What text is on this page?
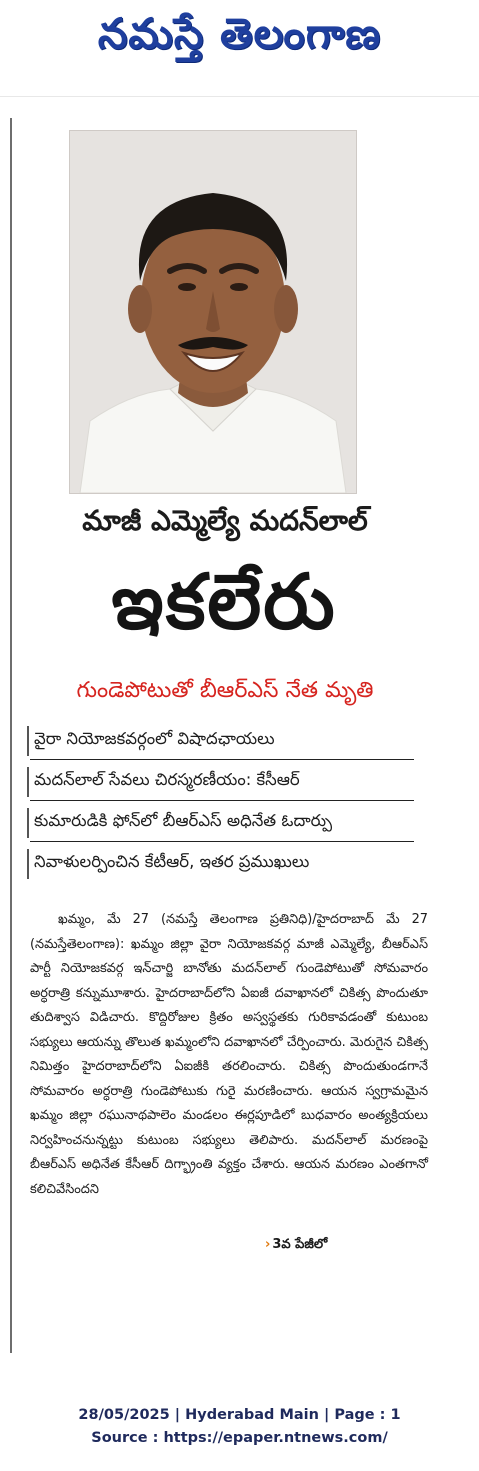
నమస్తే తెలంగాణ
మాజీ ఎమ్మెల్యే మదన్‌లాల్
ఇకలేరు
గుండెపోటుతో బీఆర్‌ఎస్ నేత మృతి
వైరా నియోజకవర్గంలో విషాదఛాయలు
మదన్‌లాల్ సేవలు చిరస్మరణీయం: కేసీఆర్
కుమారుడికి ఫోన్‌లో బీఆర్‌ఎస్ అధినేత ఓదార్పు
నివాళులర్పించిన కేటీఆర్, ఇతర ప్రముఖులు

ఖమ్మం, మే 27 (నమస్తే తెలంగాణ ప్రతినిధి)/హైదరాబాద్ మే 27 (నమస్తేతెలంగాణ): ఖమ్మం జిల్లా వైరా నియోజకవర్గ మాజీ ఎమ్మెల్యే, బీఆర్‌ఎస్ పార్టీ నియోజకవర్గ ఇన్‌చార్జి బానోతు మదన్‌లాల్ గుండెపోటుతో సోమవారం అర్ధరాత్రి కన్నుమూశారు. హైదరాబాద్‌లోని ఏఐజీ దవాఖానలో చికిత్స పొందుతూ తుదిశ్వాస విడిచారు. కొద్దిరోజుల క్రితం అస్వస్థతకు గురికావడంతో కుటుంబ సభ్యులు ఆయన్ను తొలుత ఖమ్మంలోని దవాఖానలో చేర్పించారు. మెరుగైన చికిత్స నిమిత్తం హైదరాబాద్‌లోని ఏఐజీకి తరలించారు. చికిత్స పొందుతుండగానే సోమవారం అర్ధరాత్రి గుండెపోటుకు గురై మరణించారు. ఆయన స్వగ్రామమైన ఖమ్మం జిల్లా రఘునాథపాలెం మండలం ఈర్లపూడిలో బుధవారం అంత్యక్రియలు నిర్వహించనున్నట్టు కుటుంబ సభ్యులు తెలిపారు. మదన్‌లాల్ మరణంపై బీఆర్‌ఎస్ అధినేత కేసీఆర్ దిగ్భ్రాంతి వ్యక్తం చేశారు. ఆయన మరణం ఎంతగానో కలిచివేసిందని

› 3వ పేజీలో
28/05/2025 | Hyderabad Main | Page : 1
Source : https://epaper.ntnews.com/
